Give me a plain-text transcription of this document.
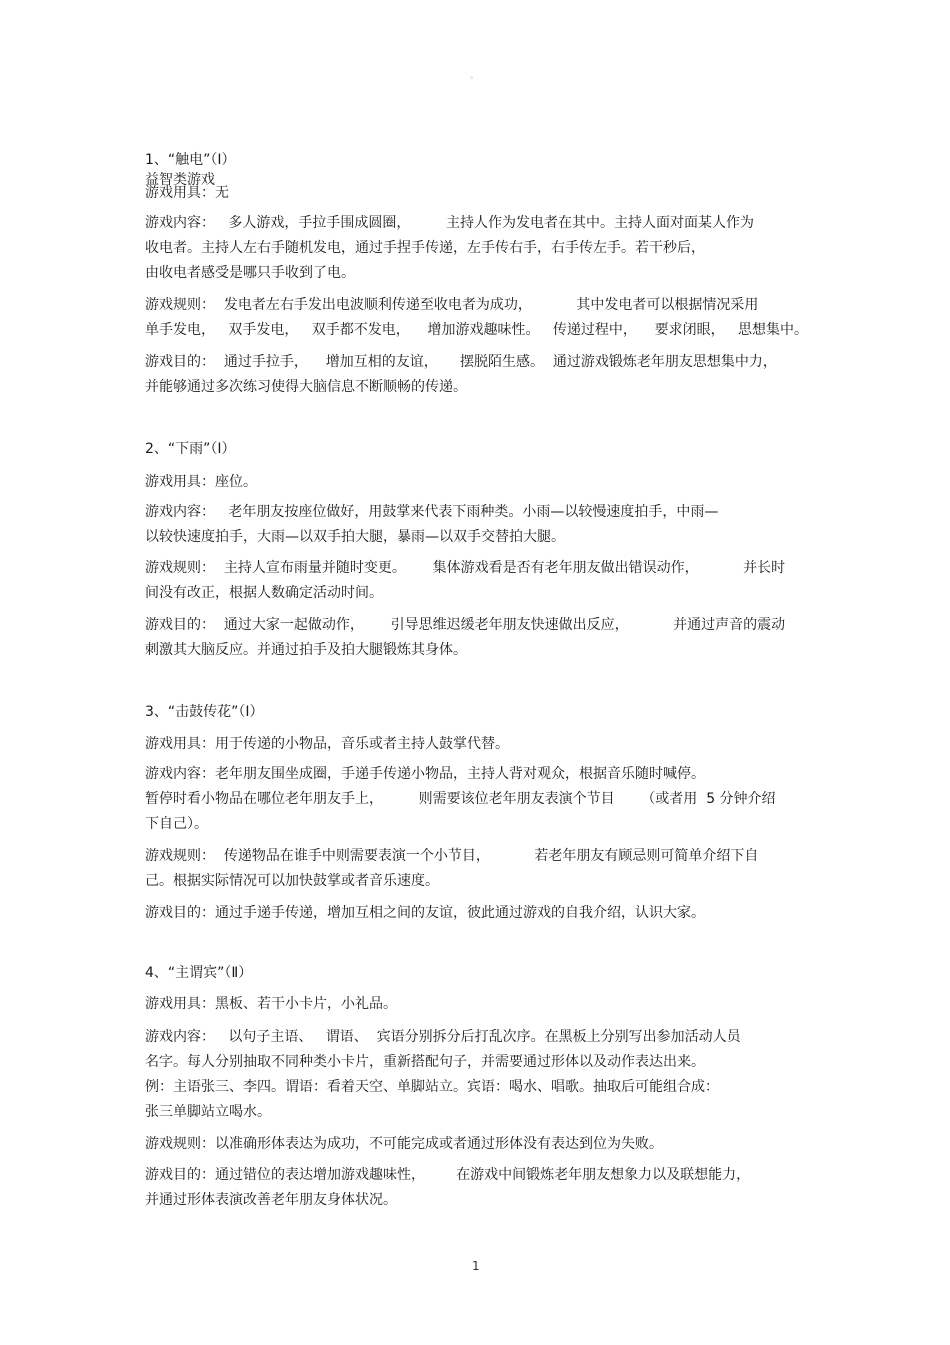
。

益智类游戏

1、“触电”（Ⅰ）
游戏用具：无
游戏内容：   多人游戏，手拉手围成圆圈，        主持人作为发电者在其中。主持人面对面某人作为
收电者。主持人左右手随机发电，通过手捏手传递，左手传右手，右手传左手。若干秒后，
由收电者感受是哪只手收到了电。
游戏规则：  发电者左右手发出电波顺利传递至收电者为成功，          其中发电者可以根据情况采用
单手发电，   双手发电，   双手都不发电，    增加游戏趣味性。   传递过程中，    要求闭眼，   思想集中。
游戏目的：  通过手拉手，    增加互相的友谊，     摆脱陌生感。  通过游戏锻炼老年朋友思想集中力，
并能够通过多次练习使得大脑信息不断顺畅的传递。
2、“下雨”（Ⅰ）
游戏用具：座位。
游戏内容：   老年朋友按座位做好，用鼓掌来代表下雨种类。小雨—以较慢速度拍手，中雨—
以较快速度拍手，大雨—以双手拍大腿，暴雨—以双手交替拍大腿。
游戏规则：  主持人宣布雨量并随时变更。      集体游戏看是否有老年朋友做出错误动作，          并长时
间没有改正，根据人数确定活动时间。
游戏目的：  通过大家一起做动作，      引导思维迟缓老年朋友快速做出反应，          并通过声音的震动
刺激其大脑反应。并通过拍手及拍大腿锻炼其身体。
3、“击鼓传花”（Ⅰ）
游戏用具：用于传递的小物品，音乐或者主持人鼓掌代替。
游戏内容：老年朋友围坐成圈，手递手传递小物品，主持人背对观众，根据音乐随时喊停。
暂停时看小物品在哪位老年朋友手上，        则需要该位老年朋友表演个节目      （或者用  5 分钟介绍
下自己）。
游戏规则：  传递物品在谁手中则需要表演一个小节目，          若老年朋友有顾忌则可简单介绍下自
己。根据实际情况可以加快鼓掌或者音乐速度。
游戏目的：通过手递手传递，增加互相之间的友谊，彼此通过游戏的自我介绍，认识大家。
4、“主谓宾”（Ⅱ）
游戏用具：黑板、若干小卡片，小礼品。
游戏内容：   以句子主语、   谓语、  宾语分别拆分后打乱次序。在黑板上分别写出参加活动人员
名字。每人分别抽取不同种类小卡片，重新搭配句子，并需要通过形体以及动作表达出来。
例：主语张三、李四。谓语：看着天空、单脚站立。宾语：喝水、唱歌。抽取后可能组合成：
张三单脚站立喝水。
游戏规则：以准确形体表达为成功，不可能完成或者通过形体没有表达到位为失败。
游戏目的：通过错位的表达增加游戏趣味性，       在游戏中间锻炼老年朋友想象力以及联想能力，
并通过形体表演改善老年朋友身体状况。
1
